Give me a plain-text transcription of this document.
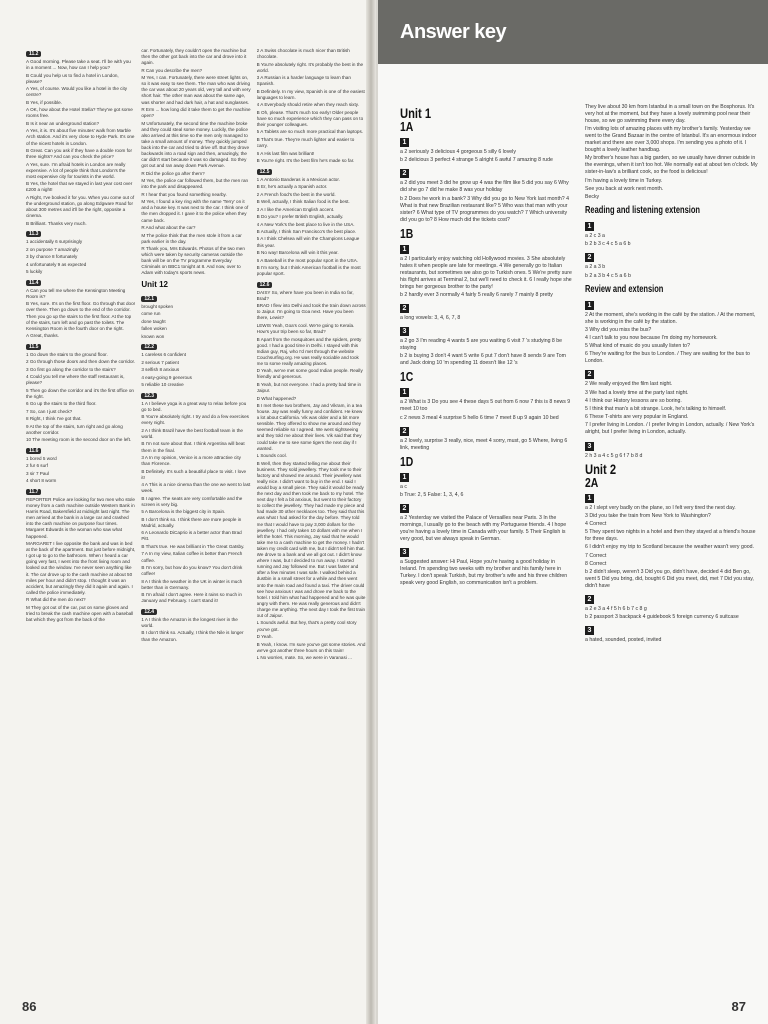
11.2

A Good morning. Please take a seat. I'll be with you in a moment ... Now, how can I help you?

B Could you help us to find a hotel in London, please?

A Yes, of course. Would you like a hotel in the city centre?

B Yes, if possible.

A OK, how about the Hotel Stella? They've got some rooms free.

B Is it near an underground station?

A Yes, it is. It's about five minutes' walk from Marble Arch station. And it's very close to Hyde Park. It's one of the nicest hotels in London.

B Great. Can you ask if they have a double room for three nights? And can you check the price?

A Yes, sure. I'm afraid hotels in London are really expensive. A lot of people think that London's the most expensive city for tourists in the world.

B Yes, the hotel that we stayed in last year cost over £200 a night!

A Right, I've booked it for you. When you come out of the underground station, go along Edgware Road for about 300 metres and it'll be the right, opposite a cinema.

B Brilliant. Thanks very much.

11.3

1 accidentally 6 surprisingly

2 on purpose 7 amazingly

3 by chance 8 fortunately

4 unfortunately 9 as expected

5 luckily

11.4

A Can you tell me where the Kensington Meeting Room is?

B Yes, sure. It's on the first floor. Go through that door over there. Then go down to the end of the corridor. Then you go up the stairs to the first floor. At the top of the stairs, turn left and go past the toilets. The Kensington Room is the fourth door on the right.

A Great, thanks.

11.5

1 Go down the stairs to the ground floor.

2 Go through those doors and then down the corridor.

3 Go first go along the corridor to the stairs?

4 Could you tell me where the staff restaurant is, please?

5 Then go down the corridor and it's the first office on the right.

6 Go up the stairs to the third floor.

7 So, can I just check?

8 Right, I think I've got that.

9 At the top of the stairs, turn right and go along another corridor.

10 The meeting room is the second door on the left.

11.6

1 bored 5 word

2 fur 6 surf

3 sir 7 Paul

4 short 8 worm

11.7

REPORTER Police are looking for two men who stole money from a cash machine outside Western Bank in Harris Road, Bakersfield at midnight last night. The men arrived at the bank in a large car and crashed into the cash machine on purpose four times. Margaret Edwards is the woman who saw what happened.

MARGARET I live opposite the bank and was in bed at the back of the apartment. But just before midnight, I got up to go to the bathroom. When I heard a car going very fast, I went into the front living room and looked out the window. I've never seen anything like it. The car drove up to the cash machine at about 50 miles per hour and didn't stop. I thought it was an accident, but amazingly they did it again and again. I called the police immediately.

R What did the men do next?

M They got out of the car, put on some gloves and tried to break the cash machine open with a baseball bat which they got from the back of the

car. Fortunately, they couldn't open the machine but then the other got back into the car and drove into it again.

R Can you describe the men?

M Yes, I can. Fortunately, there were street lights on, so it was easy to see them. The man who was driving the car was about 20 years old, very tall and with very short hair. The other man was about the same age, was shorter and had dark hair, a hat and sunglasses.

R Erm ... how long did it take them to get the machine open?

M Unfortunately, the second time the machine broke and they could steal some money. Luckily, the police also arrived at this time so the men only managed to take a small amount of money. They quickly jumped back into the car and tried to drive off. But they drove backwards into a road sign and then, amazingly, the car didn't start because it was so damaged. So they got out and ran away down Park Avenue.

R Did the police go after them?

M Yes, the police car followed them, but the men ran into the park and disappeared.

R I hear that you found something nearby.

M Yes, I found a key ring with the name 'Terry' on it and a house key. It was next to the car. I think one of the men dropped it. I gave it to the police when they came back.

R And what about the car?

M The police think that the men stole it from a car park earlier in the day.

R Thank you, Mrs Edwards. Photos of the two men which were taken by security cameras outside the bank will be on the TV programme Everyday Criminals on BBC1 tonight at 8. And now, over to Adam with today's sports news.

Unit 12
12.1

brought spoken

come run

done taught

fallen woken

known won

12.2

1 careless 6 confident

2 serious 7 patient

3 selfish 8 anxious

4 easy-going 9 generous

5 reliable 10 creative

12.3

1 A I believe yoga is a great way to relax before you go to bed.

B You're absolutely right. I try and do a few exercises every night.

2 A I think Brazil have the best football team in the world.

B I'm not sure about that. I think Argentina will beat them in the final.

3 A In my opinion, Venice is a more attractive city than Florence.

B Definitely. It's such a beautiful place to visit. I love it!

4 A This is a nice cinema than the one we went to last week.

B I agree. The seats are very comfortable and the screen is very big.

5 A Barcelona is the biggest city in Spain.

B I don't think so. I think there are more people in Madrid, actually.

6 A Leonardo DiCaprio is a better actor than Brad Pitt.

B That's true. He was brilliant in The Great Gatsby.

7 A In my view, Italian coffee is better than French coffee.

B I'm sorry, but how do you know? You don't drink coffee!

8 A I think the weather in the UK in winter is much better than in Germany.

B I'm afraid I don't agree. Here it rains so much in January and February. I can't stand it!

12.4

1 A I think the Amazon is the longest river in the world.

B I don't think so. Actually, I think the Nile is longer than the Amazon.

2 A Swiss chocolate is much nicer than British chocolate.

B You're absolutely right. It's probably the best in the world.

3 A Russian is a harder language to learn than Spanish.

B Definitely. In my view, Spanish is one of the easiest languages to learn.

4 A Everybody should retire when they reach sixty.

B Oh, please. That's much too early! Older people have so much experience which they can pass on to their younger colleagues.

5 A Tablets are so much more practical than laptops.

B That's true. They're much lighter and easier to carry.

6 A His last film was brilliant!

B You're right. It's the best film he's made so far.

12.5

1 A Antonio Banderas is a Mexican actor.

B Er, he's actually a Spanish actor.

2 A French food's the best in the world.

B Well, actually, I think Italian food is the best.

3 A I like the American English accent.

B Do you? I prefer British English, actually.

4 A New York's the best place to live in the USA.

B Actually, I think San Francisco's the best place.

5 A I think Chelsea will win the Champions League this year.

B No way! Barcelona will win it this year.

6 A Baseball is the most popular sport in the USA.

B I'm sorry, but I think American football is the most popular sport.

12.6

DAISY So, where have you been in India so far, Brad?

BRAD I flew into Delhi and took the train down across to Jaipur. I'm going to Goa next. Have you been there, Lewis?

LEWIS Yeah, Goa's cool. We're going to Kerala. How's your trip been so far, Brad?

B Apart from the mosquitoes and the spiders, pretty good. I had a good time in Delhi. I stayed with this Indian guy, Raj, who I'd met through the website Couchsurfing.org. He was really sociable and took me to some really amazing places.

D Yeah, we've met some good Indian people. Really friendly and generous.

B Yeah, but not everyone. I had a pretty bad time in Jaipur.

D What happened?

B I met these two brothers, Jay and Vikram, in a tea house. Jay was really funny and confident. He knew a lot about California. Vik was older and a bit more sensible. They offered to show me around and they seemed reliable so I agreed. We went sightseeing and they told me about their lives. Vik said that they could take me to see some tigers the next day if I wanted.

L Sounds cool.

B Well, then they started telling me about their business. They sold jewellery. They took me to their factory and showed me around. Their jewellery was really nice. I didn't want to buy in the end. I said I would buy a small piece. They said it would be ready the next day and then took me back to my hotel. The next day I felt a bit anxious, but went to their factory to collect the jewellery. They had made my piece and had made 30 other necklaces too. They said that this was what I had asked for the day before. They told me that I would have to pay 3,000 dollars for the jewellery. I had only taken 10 dollars with me when I left the hotel. This morning, Jay said that he would take me to a cash machine to get the money. I hadn't taken my credit card with me, but I didn't tell him that. We drove to a bank and we all got out. I didn't know where I was, but I decided to run away. I started running and Jay followed me. But I was faster and after a few minutes I was safe. I walked behind a dustbin in a small street for a while and then went onto the main road and found a taxi. The driver could see how anxious I was and drove me back to the hotel. I told him what had happened and he was quite angry with them. He was really generous and didn't charge me anything. The next day I took the first train out of Jaipur.

L Sounds awful. But hey, that's a pretty cool story you've got.

D Yeah.

B Yeah, I know. I'm sure you've got some stories. And we've got another three hours on this train!

L No worries, mate. So, we were in Varanasi ...

86
Answer key
Unit 1
1A
1

a 2 seriously 3 delicious 4 gorgeous 5 silly 6 lovely

b 2 delicious 3 perfect 4 strange 5 alright 6 awful 7 amazing 8 rude

2

a 2 did you meet 3 did he grow up 4 was the film like 5 did you say 6 Why did she go 7 did he make 8 was your holiday

b 2 Does he work in a bank? 3 Why did you go to New York last month? 4 What is that new Brazilian restaurant like? 5 Who was that man with your sister? 6 What type of TV programmes do you watch? 7 Which university did you go to? 8 How much did the tickets cost?

1B
1

a 2 I particularly enjoy watching old Hollywood movies. 3 She absolutely hates it when people are late for meetings. 4 We generally go to Italian restaurants, but sometimes we also go to Turkish ones. 5 We're pretty sure his flight arrives at Terminal 2, but we'll need to check it. 6 I really hope she brings her gorgeous brother to the party!

b 2 hardly ever 3 normally 4 fairly 5 really 6 rarely 7 mainly 8 pretty

2

a long vowels: 3, 4, 6, 7, 8

3

a 2 go 3 I'm reading 4 wants 5 are you waiting 6 visit 7 's studying 8 be staying

b 2 is buying 3 don't 4 want 5 write 6 put 7 don't have 8 sends 9 are Tom and Jack doing 10 'm spending 11 doesn't like 12 's

1C
1

a 2 What is 3 Do you see 4 these days 5 out from 6 now 7 this is 8 news 9 meet 10 too

c 2 news 3 meal 4 surprise 5 hello 6 time 7 meet 8 up 9 again 10 bed

2

a 2 lovely, surprise 3 really, nice, meet 4 sorry, must, go 5 Where, living 6 link, meeting

1D
1

a c

b True: 2, 5 False: 1, 3, 4, 6

2

a 2 Yesterday we visited the Palace of Versailles near Paris. 3 In the mornings, I usually go to the beach with my Portuguese friends. 4 I hope you're having a lovely time in Canada with your family. 5 Their English is very good, but we always speak in German.

3

a Suggested answer: Hi Paul, Hope you're having a good holiday in Ireland. I'm spending two weeks with my brother and his family here in Turkey. I don't speak Turkish, but my brother's wife and his three children speak very good English, so communication isn't a problem.

They live about 30 km from Istanbul in a small town on the Bosphorus. It's very hot at the moment, but they have a lovely swimming pool near their house, so we go swimming there every day.

I'm visiting lots of amazing places with my brother's family. Yesterday we went to the Grand Bazaar in the centre of Istanbul. It's an enormous indoor market and there are over 3,000 shops. I'm sending you a photo of it. I bought a lovely leather handbag.

My brother's house has a big garden, so we usually have dinner outside in the evenings, when it isn't too hot. We normally eat at about ten o'clock. My sister-in-law's a brilliant cook, so the food is delicious!

I'm having a lovely time in Turkey.

See you back at work next month.

Becky

Reading and listening extension
1

a 2 c 3 a

b 2 b 3 c 4 c 5 a 6 b

2

a 2 a 3 b

b 2 a 3 b 4 c 5 a 6 b

Review and extension
1

2 At the moment, she's working in the café by the station. / At the moment, she is working in the café by the station.

3 Why did you miss the bus?

4 I can't talk to you now because I'm doing my homework.

5 What kind of music do you usually listen to?

6 They're waiting for the bus to London. / They are waiting for the bus to London.

2

2 We really enjoyed the film last night.

3 We had a lovely time at the party last night.

4 I think our History lessons are so boring.

5 I think that man's a bit strange. Look, he's talking to himself.

6 These T-shirts are very popular in England.

7 I prefer living in London. / I prefer living in London, actually. / New York's alright, but I prefer living in London, actually.

3

2 h 3 a 4 c 5 g 6 f 7 b 8 d

Unit 2
2A
1

a 2 I slept very badly on the plane, so I felt very tired the next day.

3 Did you take the train from New York to Washington?

4 Correct

5 They spent two nights in a hotel and then they stayed at a friend's house for three days.

6 I didn't enjoy my trip to Scotland because the weather wasn't very good.

7 Correct

8 Correct

b 2 didn't sleep, weren't 3 Did you go, didn't have, decided 4 did Ben go, went 5 Did you bring, did, bought 6 Did you meet, did, met 7 Did you stay, didn't have

2

a 2 e 3 a 4 f 5 h 6 b 7 c 8 g

b 2 passport 3 backpack 4 guidebook 5 foreign currency 6 suitcase

3

a hated, sounded, posted, invited

87
